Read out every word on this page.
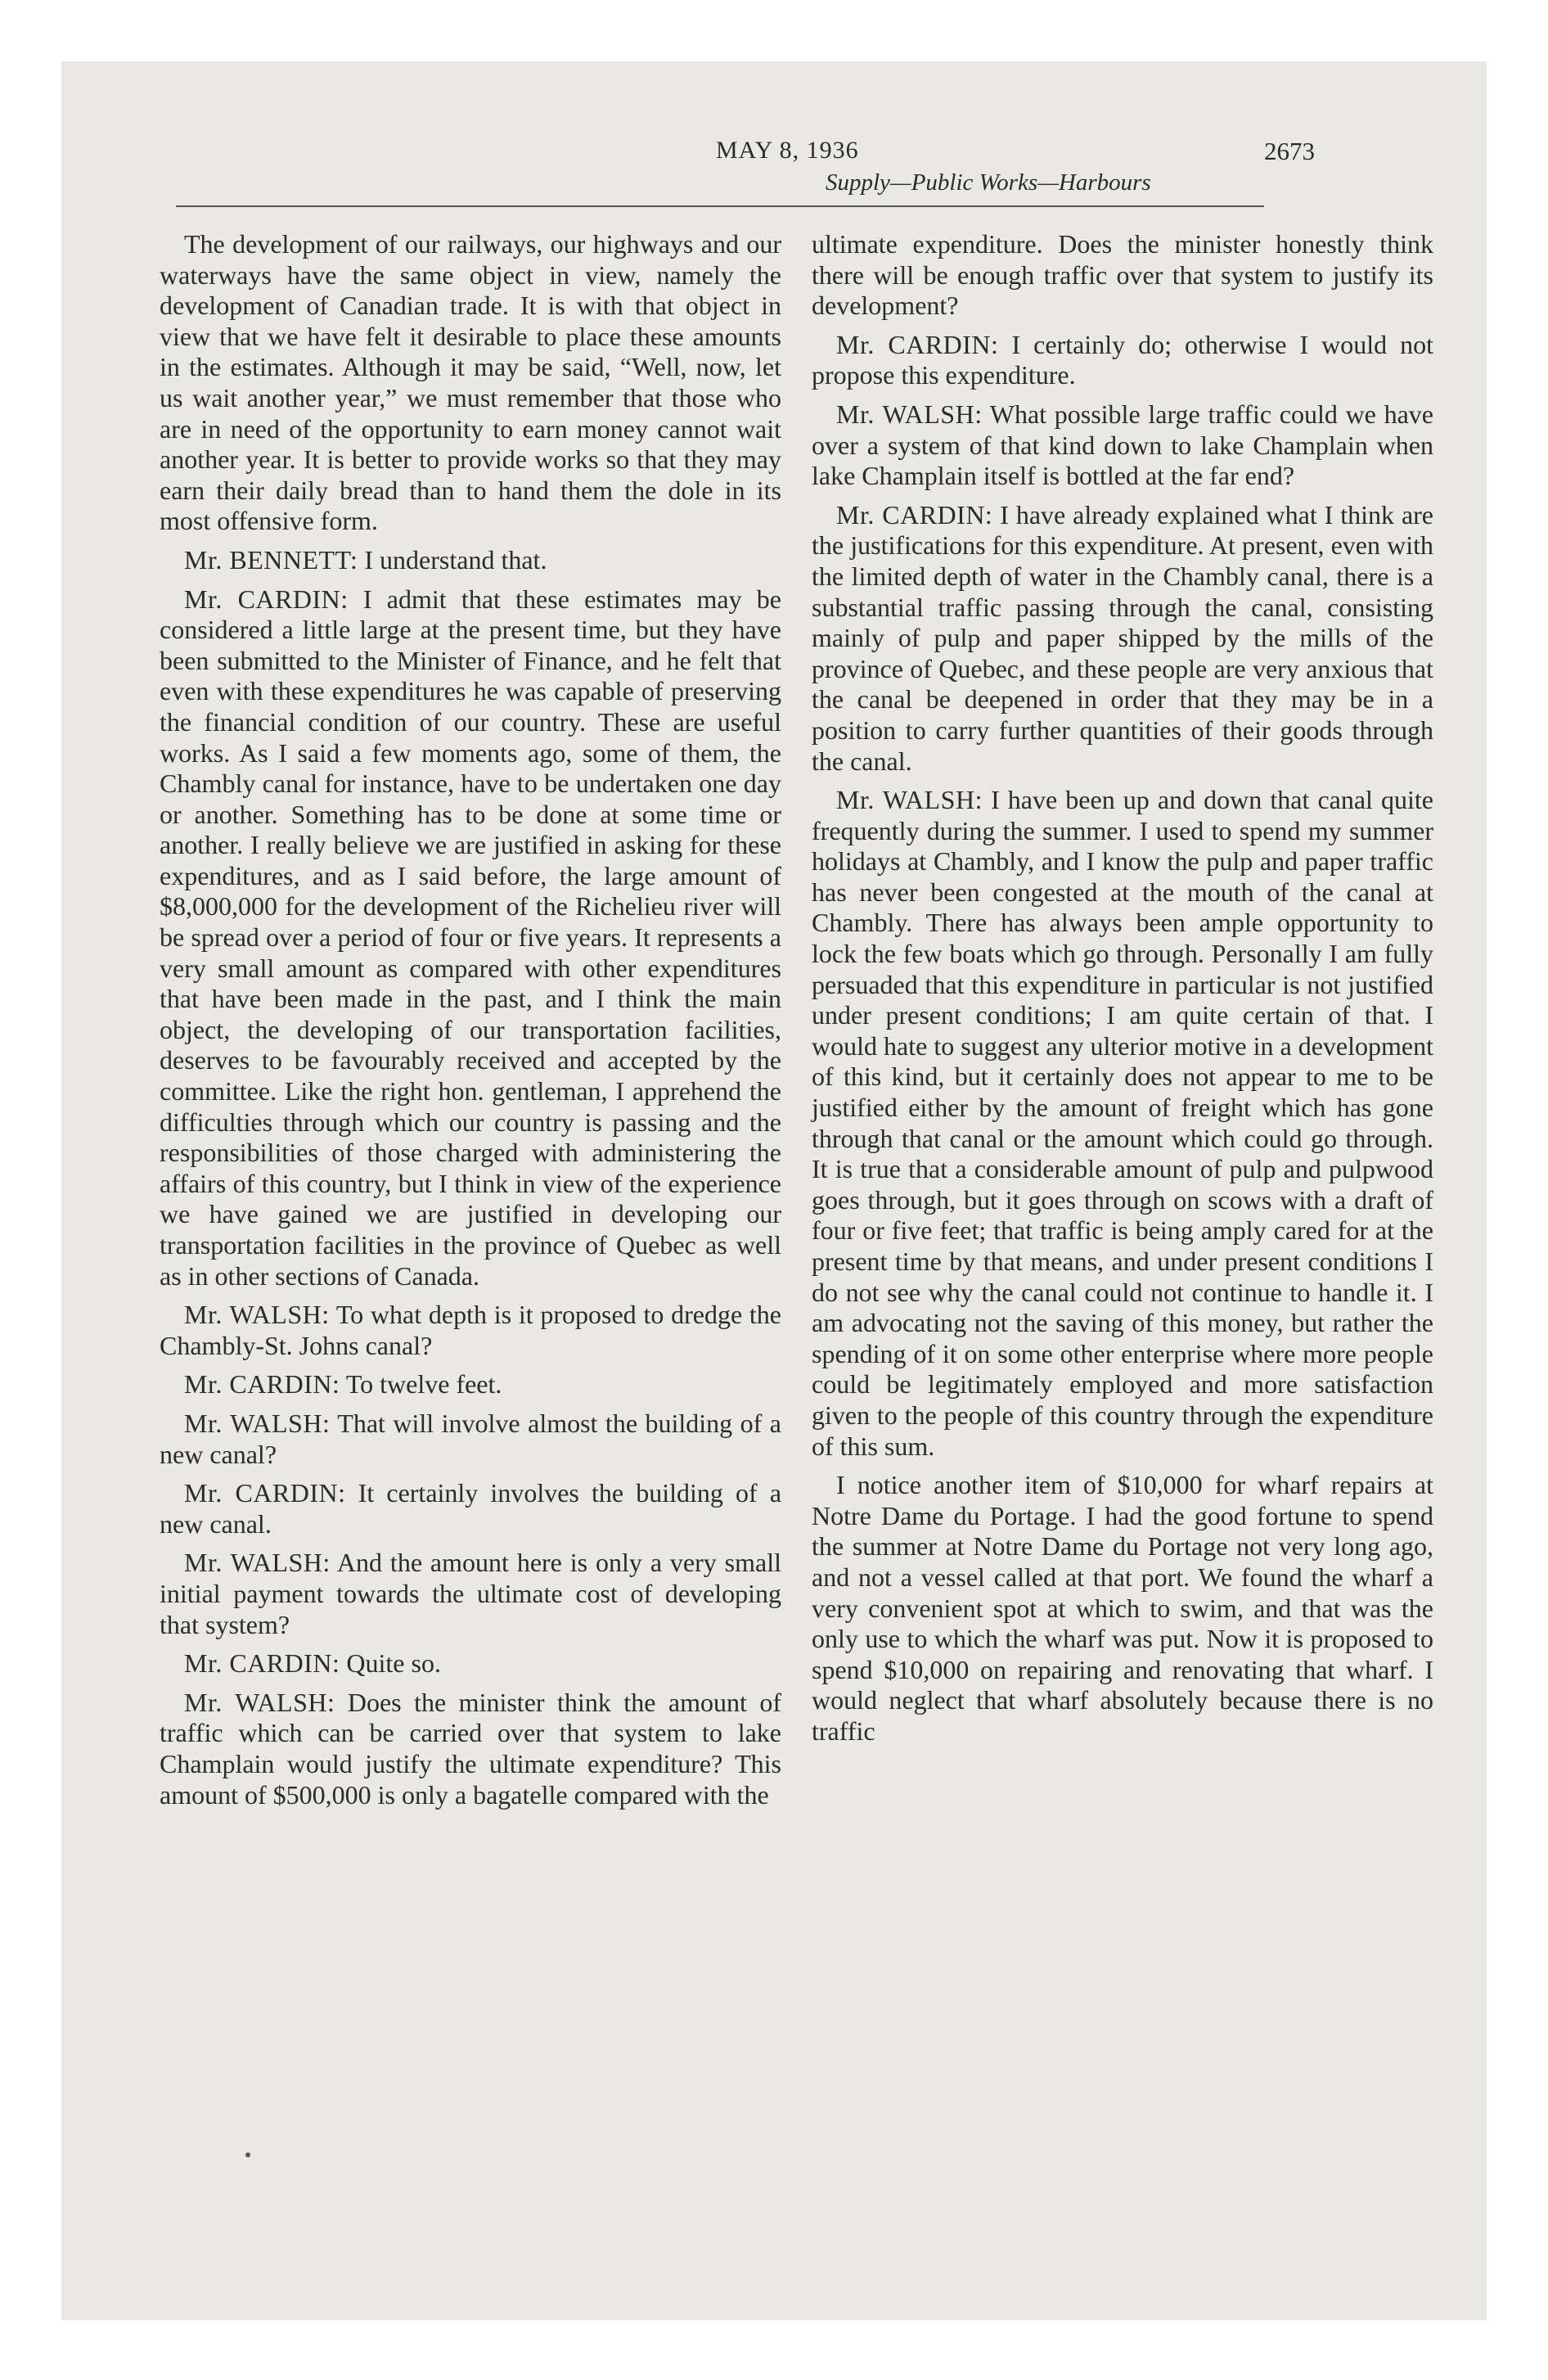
MAY 8, 1936	2673
Supply—Public Works—Harbours

The development of our railways, our highways and our waterways have the same object in view, namely the development of Canadian trade. It is with that object in view that we have felt it desirable to place these amounts in the estimates. Although it may be said, “Well, now, let us wait another year,” we must remember that those who are in need of the opportunity to earn money cannot wait another year. It is better to provide works so that they may earn their daily bread than to hand them the dole in its most offensive form.

Mr. BENNETT: I understand that.

Mr. CARDIN: I admit that these estimates may be considered a little large at the present time, but they have been submitted to the Minister of Finance, and he felt that even with these expenditures he was capable of preserving the financial condition of our country. These are useful works. As I said a few moments ago, some of them, the Chambly canal for instance, have to be undertaken one day or another. Something has to be done at some time or another. I really believe we are justified in asking for these expenditures, and as I said before, the large amount of $8,000,000 for the development of the Richelieu river will be spread over a period of four or five years. It represents a very small amount as compared with other expenditures that have been made in the past, and I think the main object, the developing of our transportation facilities, deserves to be favourably received and accepted by the committee. Like the right hon. gentleman, I apprehend the difficulties through which our country is passing and the responsibilities of those charged with administering the affairs of this country, but I think in view of the experience we have gained we are justified in developing our transportation facilities in the province of Quebec as well as in other sections of Canada.

Mr. WALSH: To what depth is it proposed to dredge the Chambly-St. Johns canal?

Mr. CARDIN: To twelve feet.

Mr. WALSH: That will involve almost the building of a new canal?

Mr. CARDIN: It certainly involves the building of a new canal.

Mr. WALSH: And the amount here is only a very small initial payment towards the ultimate cost of developing that system?

Mr. CARDIN: Quite so.

Mr. WALSH: Does the minister think the amount of traffic which can be carried over that system to lake Champlain would justify the ultimate expenditure? This amount of $500,000 is only a bagatelle compared with the

ultimate expenditure. Does the minister honestly think there will be enough traffic over that system to justify its development?

Mr. CARDIN: I certainly do; otherwise I would not propose this expenditure.

Mr. WALSH: What possible large traffic could we have over a system of that kind down to lake Champlain when lake Champlain itself is bottled at the far end?

Mr. CARDIN: I have already explained what I think are the justifications for this expenditure. At present, even with the limited depth of water in the Chambly canal, there is a substantial traffic passing through the canal, consisting mainly of pulp and paper shipped by the mills of the province of Quebec, and these people are very anxious that the canal be deepened in order that they may be in a position to carry further quantities of their goods through the canal.

Mr. WALSH: I have been up and down that canal quite frequently during the summer. I used to spend my summer holidays at Chambly, and I know the pulp and paper traffic has never been congested at the mouth of the canal at Chambly. There has always been ample opportunity to lock the few boats which go through. Personally I am fully persuaded that this expenditure in particular is not justified under present conditions; I am quite certain of that. I would hate to suggest any ulterior motive in a development of this kind, but it certainly does not appear to me to be justified either by the amount of freight which has gone through that canal or the amount which could go through. It is true that a considerable amount of pulp and pulpwood goes through, but it goes through on scows with a draft of four or five feet; that traffic is being amply cared for at the present time by that means, and under present conditions I do not see why the canal could not continue to handle it. I am advocating not the saving of this money, but rather the spending of it on some other enterprise where more people could be legitimately employed and more satisfaction given to the people of this country through the expenditure of this sum.

I notice another item of $10,000 for wharf repairs at Notre Dame du Portage. I had the good fortune to spend the summer at Notre Dame du Portage not very long ago, and not a vessel called at that port. We found the wharf a very convenient spot at which to swim, and that was the only use to which the wharf was put. Now it is proposed to spend $10,000 on repairing and renovating that wharf. I would neglect that wharf absolutely because there is no traffic
